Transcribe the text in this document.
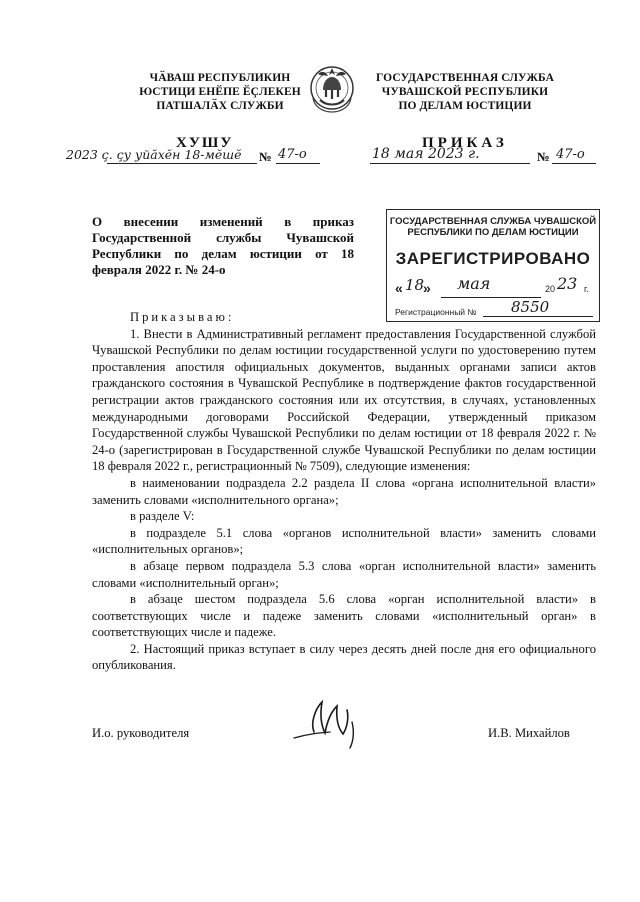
ЧӐВАШ РЕСПУБЛИКИН
ЮСТИЦИ ЕНӖПЕ ӖҪЛЕКЕН
ПАТШАЛӐХ СЛУЖБИ
ГОСУДАРСТВЕННАЯ СЛУЖБА
ЧУВАШСКОЙ РЕСПУБЛИКИ
ПО ДЕЛАМ ЮСТИЦИИ
ХУШУ
2023 ҫ. ҫу уйӑхӗн 18-мӗшӗ № 47-о
ПРИКАЗ
18 мая 2023 г.	№ 47-о
О внесении изменений в приказ Государственной службы Чувашской Республики по делам юстиции от 18 февраля 2022 г. № 24-о
ГОСУДАРСТВЕННАЯ СЛУЖБА ЧУВАШСКОЙ
РЕСПУБЛИКИ ПО ДЕЛАМ ЮСТИЦИИ
ЗАРЕГИСТРИРОВАНО
« 18
» мая	20 23 г.
Регистрационный № 8550

Приказываю:

1. Внести в Административный регламент предоставления Государственной службой Чувашской Республики по делам юстиции государственной услуги по удостоверению путем проставления апостиля официальных документов, выданных органами записи актов гражданского состояния в Чувашской Республике в подтверждение фактов государственной регистрации актов гражданского состояния или их отсутствия, в случаях, установленных международными договорами Российской Федерации, утвержденный приказом Государственной службы Чувашской Республики по делам юстиции от 18 февраля 2022 г. № 24-о (зарегистрирован в Государственной службе Чувашской Республики по делам юстиции 18 февраля 2022 г., регистрационный № 7509), следующие изменения:

в наименовании подраздела 2.2 раздела II слова «органа исполнительной власти» заменить словами «исполнительного органа»;

в разделе V:

в подразделе 5.1 слова «органов исполнительной власти» заменить словами «исполнительных органов»;

в абзаце первом подраздела 5.3 слова «орган исполнительной власти» заменить словами «исполнительный орган»;

в абзаце шестом подраздела 5.6 слова «орган исполнительной власти» в соответствующих числе и падеже заменить словами «исполнительный орган» в соответствующих числе и падеже.

2. Настоящий приказ вступает в силу через десять дней после дня его официального опубликования.

И.о. руководителя	И.В. Михайлов
